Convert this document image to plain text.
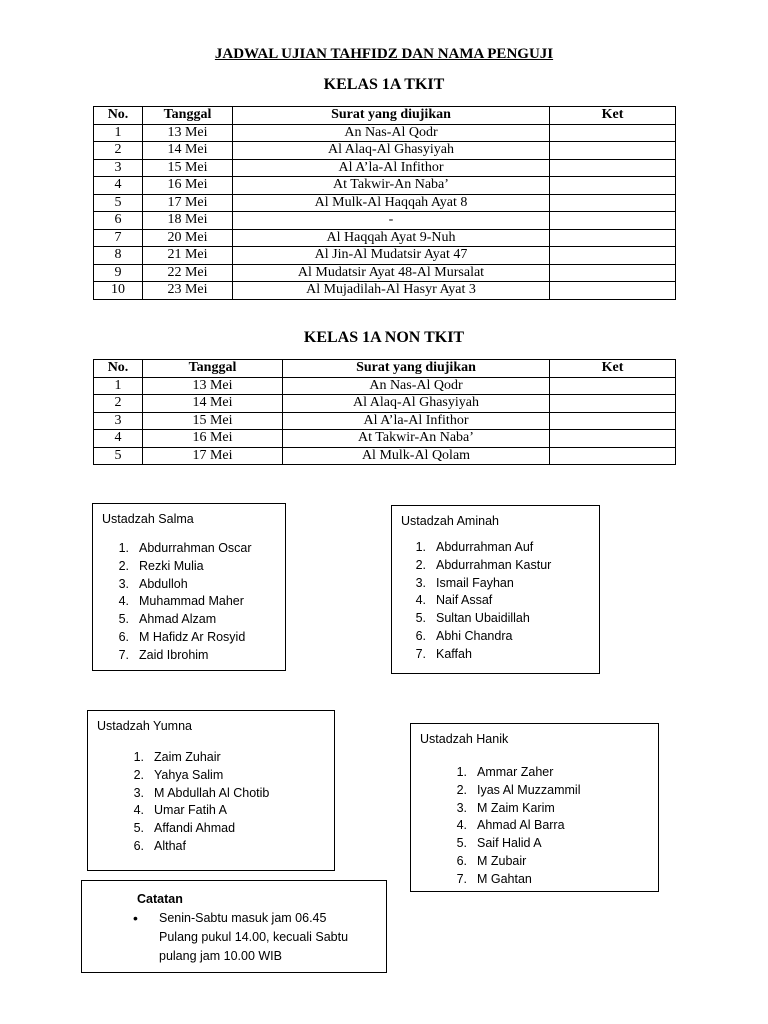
JADWAL UJIAN TAHFIDZ DAN NAMA PENGUJI
KELAS 1A TKIT
No.	Tanggal	Surat yang diujikan	Ket
1	13 Mei	An Nas-Al Qodr	
2	14 Mei	Al Alaq-Al Ghasyiyah	
3	15 Mei	Al A’la-Al Infithor	
4	16 Mei	At Takwir-An Naba’	
5	17 Mei	Al Mulk-Al Haqqah Ayat 8	
6	18 Mei	-	
7	20 Mei	Al Haqqah Ayat 9-Nuh	
8	21 Mei	Al Jin-Al Mudatsir Ayat 47	
9	22 Mei	Al Mudatsir Ayat 48-Al Mursalat	
10	23 Mei	Al Mujadilah-Al Hasyr Ayat 3	
KELAS 1A NON TKIT
No.	Tanggal	Surat yang diujikan	Ket
1	13 Mei	An Nas-Al Qodr	
2	14 Mei	Al Alaq-Al Ghasyiyah	
3	15 Mei	Al A’la-Al Infithor	
4	16 Mei	At Takwir-An Naba’	
5	17 Mei	Al Mulk-Al Qolam	
Ustadzah Salma
1. Abdurrahman Oscar
2. Rezki Mulia
3. Abdulloh
4. Muhammad Maher
5. Ahmad Alzam
6. M Hafidz Ar Rosyid
7. Zaid Ibrohim
Ustadzah Aminah
1. Abdurrahman Auf
2. Abdurrahman Kastur
3. Ismail Fayhan
4. Naif Assaf
5. Sultan Ubaidillah
6. Abhi Chandra
7. Kaffah
Ustadzah Yumna
1. Zaim Zuhair
2. Yahya Salim
3. M Abdullah Al Chotib
4. Umar Fatih A
5. Affandi Ahmad
6. Althaf
Ustadzah Hanik
1. Ammar Zaher
2. Iyas Al Muzzammil
3. M Zaim Karim
4. Ahmad Al Barra
5. Saif Halid A
6. M Zubair
7. M Gahtan
Catatan
• Senin-Sabtu masuk jam 06.45
Pulang pukul 14.00, kecuali Sabtu
pulang jam 10.00 WIB
